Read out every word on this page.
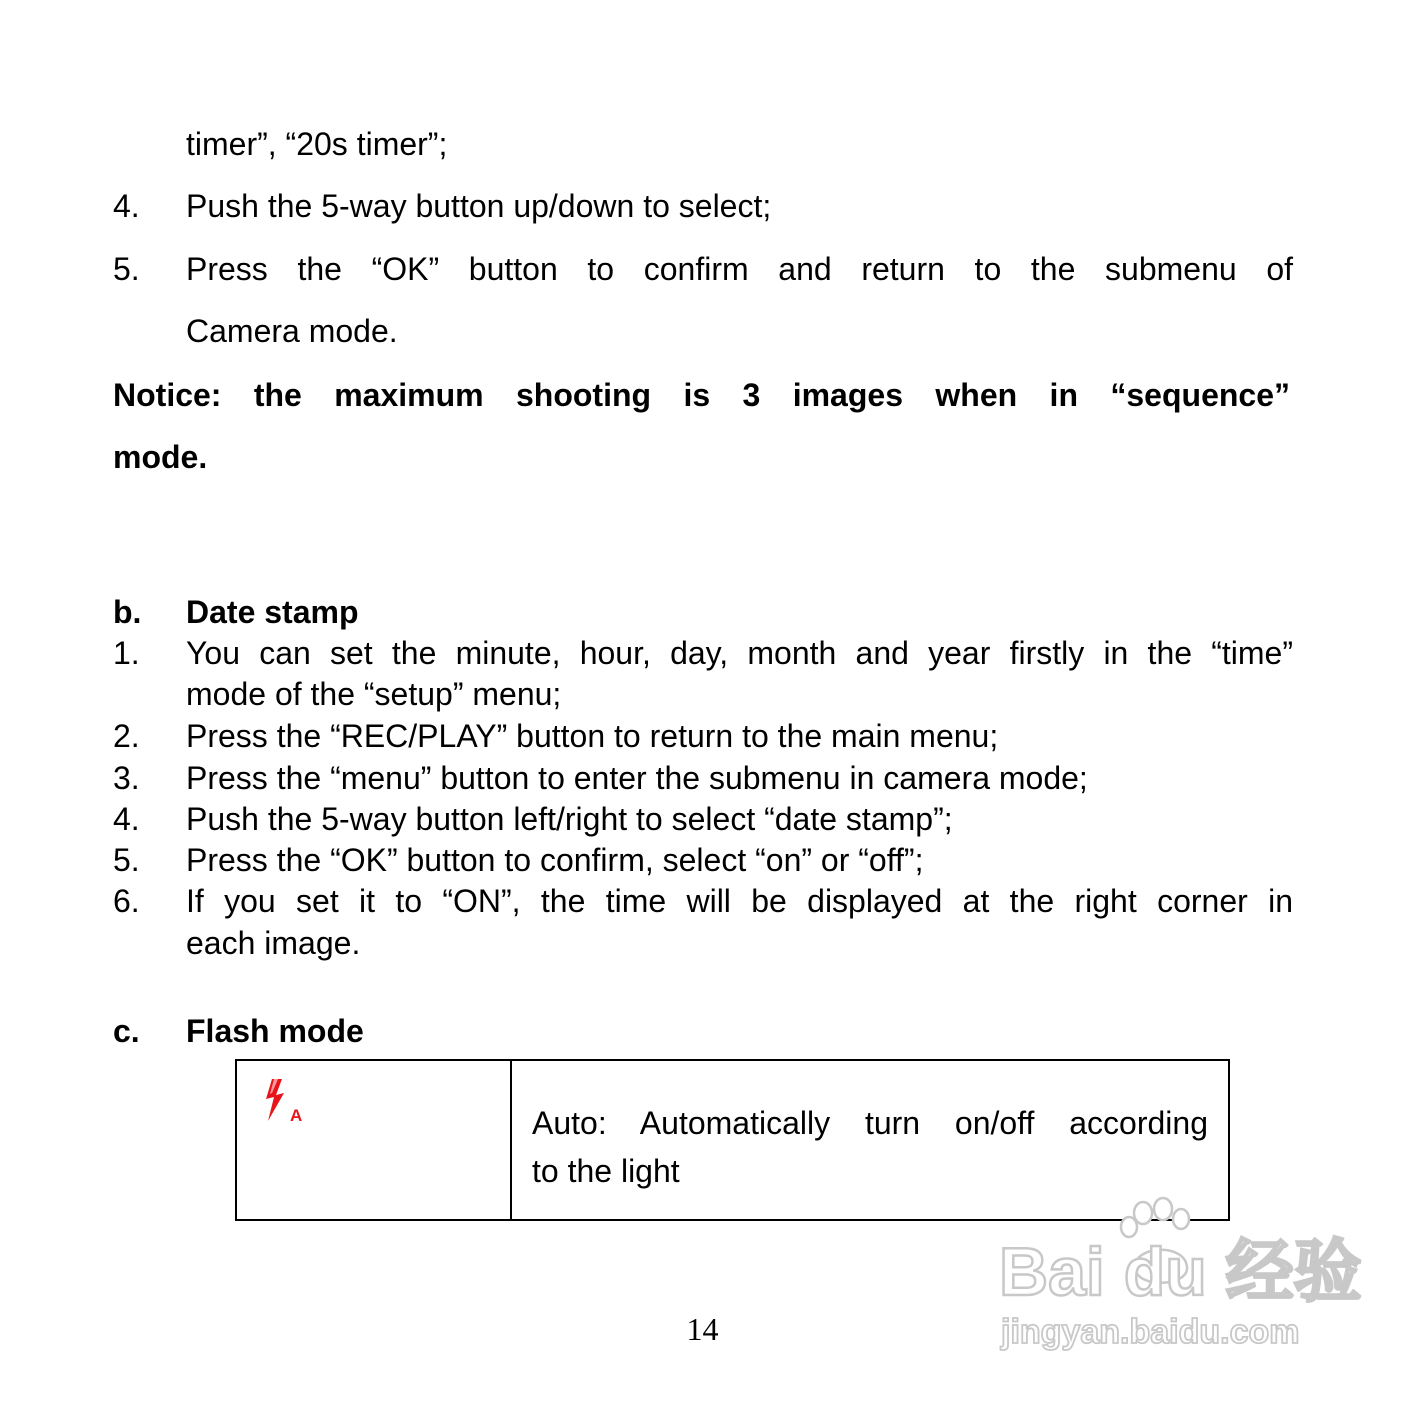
timer”, “20s timer”;
4. Push the 5-way button up/down to select;
5. Press the “OK” button to confirm and return to the submenu of
Camera mode.
Notice: the maximum shooting is 3 images when in “sequence”
mode.
b. Date stamp
1. You can set the minute, hour, day, month and year firstly in the “time”
mode of the “setup” menu;
2. Press the “REC/PLAY” button to return to the main menu;
3. Press the “menu” button to enter the submenu in camera mode;
4. Push the 5-way button left/right to select “date stamp”;
5. Press the “OK” button to confirm, select “on” or “off”;
6. If you set it to “ON”, the time will be displayed at the right corner in
each image.
c. Flash mode
Auto: Automatically turn on/off according
to the light
A
14
Bai du 经验
jingyan.baidu.com
